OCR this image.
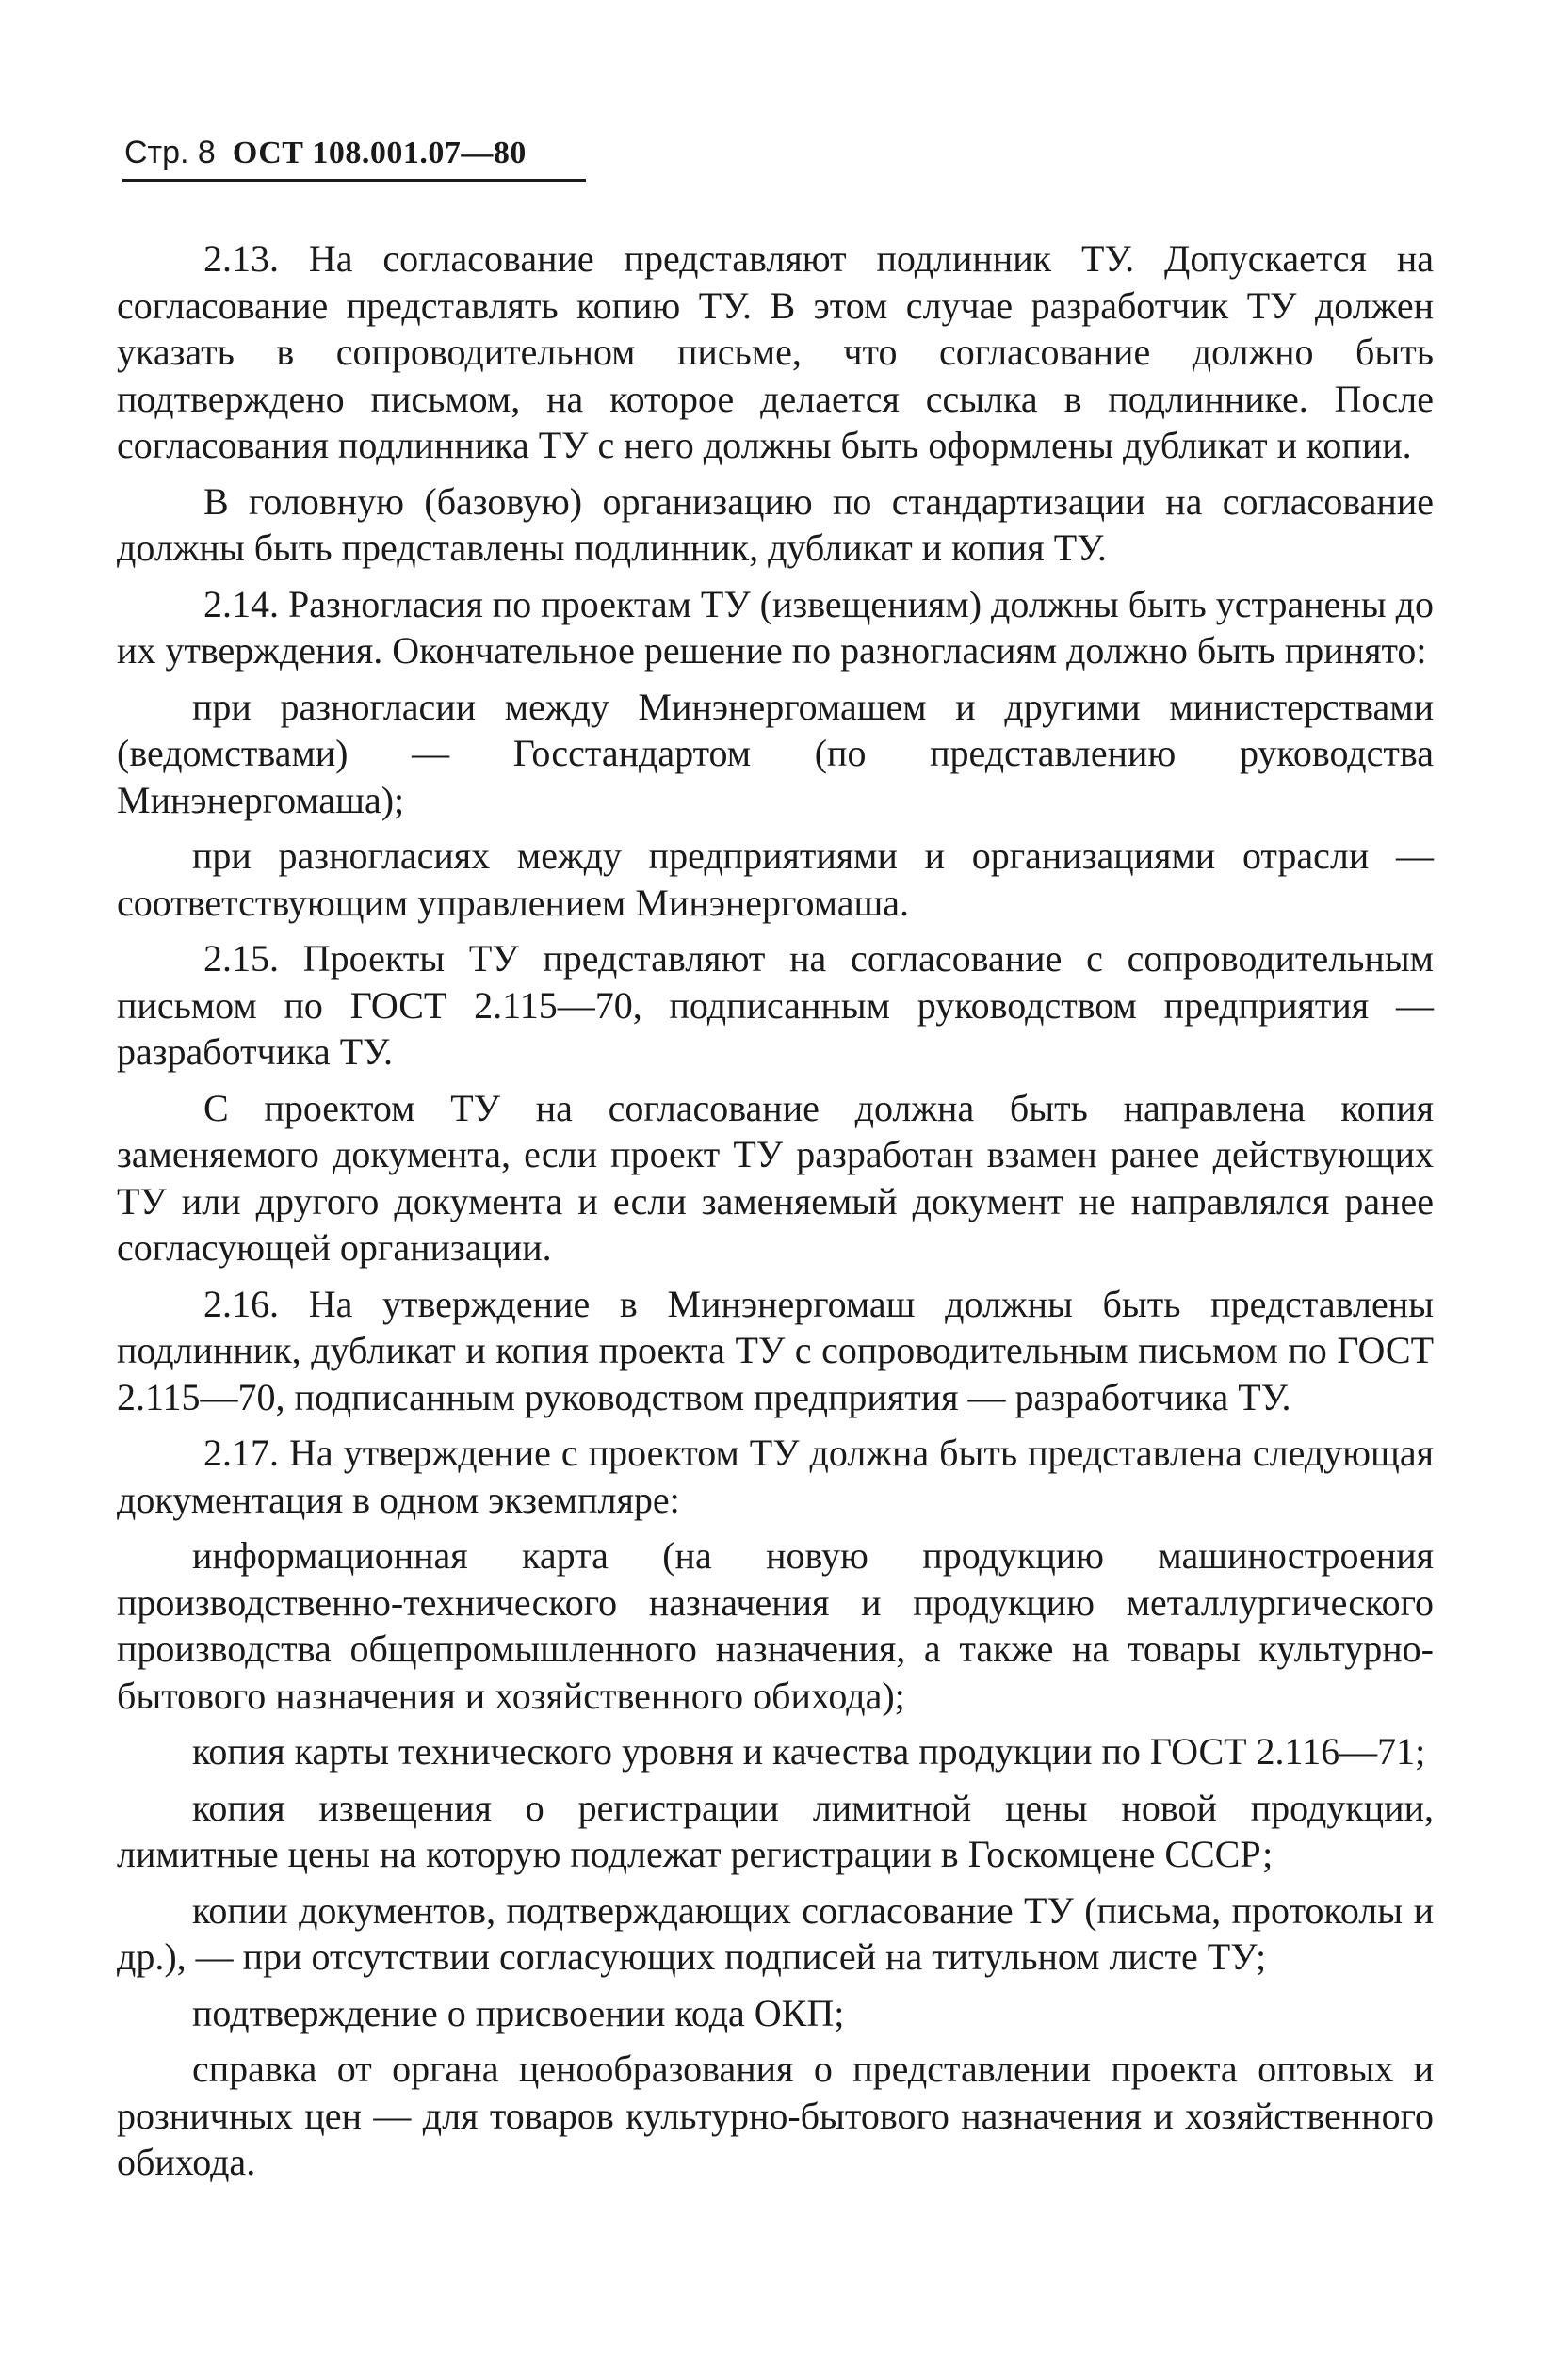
Стр. 8 ОСТ 108.001.07—80

2.13. На согласование представляют подлинник ТУ. Допускается на согласование представлять копию ТУ. В этом случае разработчик ТУ должен указать в сопроводительном письме, что согласование должно быть подтверждено письмом, на которое делается ссылка в подлиннике. После согласования подлинника ТУ с него должны быть оформлены дубликат и копии.

В головную (базовую) организацию по стандартизации на согласование должны быть представлены подлинник, дубликат и копия ТУ.

2.14. Разногласия по проектам ТУ (извещениям) должны быть устранены до их утверждения. Окончательное решение по разногласиям должно быть принято:

при разногласии между Минэнергомашем и другими министерствами (ведомствами) — Госстандартом (по представлению руководства Минэнергомаша);

при разногласиях между предприятиями и организациями отрасли — соответствующим управлением Минэнергомаша.

2.15. Проекты ТУ представляют на согласование с сопроводительным письмом по ГОСТ 2.115—70, подписанным руководством предприятия — разработчика ТУ.

С проектом ТУ на согласование должна быть направлена копия заменяемого документа, если проект ТУ разработан взамен ранее действующих ТУ или другого документа и если заменяемый документ не направлялся ранее согласующей организации.

2.16. На утверждение в Минэнергомаш должны быть представлены подлинник, дубликат и копия проекта ТУ с сопроводительным письмом по ГОСТ 2.115—70, подписанным руководством предприятия — разработчика ТУ.

2.17. На утверждение с проектом ТУ должна быть представлена следующая документация в одном экземпляре:

информационная карта (на новую продукцию машиностроения производственно-технического назначения и продукцию металлургического производства общепромышленного назначения, а также на товары культурно-бытового назначения и хозяйственного обихода);

копия карты технического уровня и качества продукции по ГОСТ 2.116—71;

копия извещения о регистрации лимитной цены новой продукции, лимитные цены на которую подлежат регистрации в Госкомцене СССР;

копии документов, подтверждающих согласование ТУ (письма, протоколы и др.), — при отсутствии согласующих подписей на титульном листе ТУ;

подтверждение о присвоении кода ОКП;

справка от органа ценообразования о представлении проекта оптовых и розничных цен — для товаров культурно-бытового назначения и хозяйственного обихода.
